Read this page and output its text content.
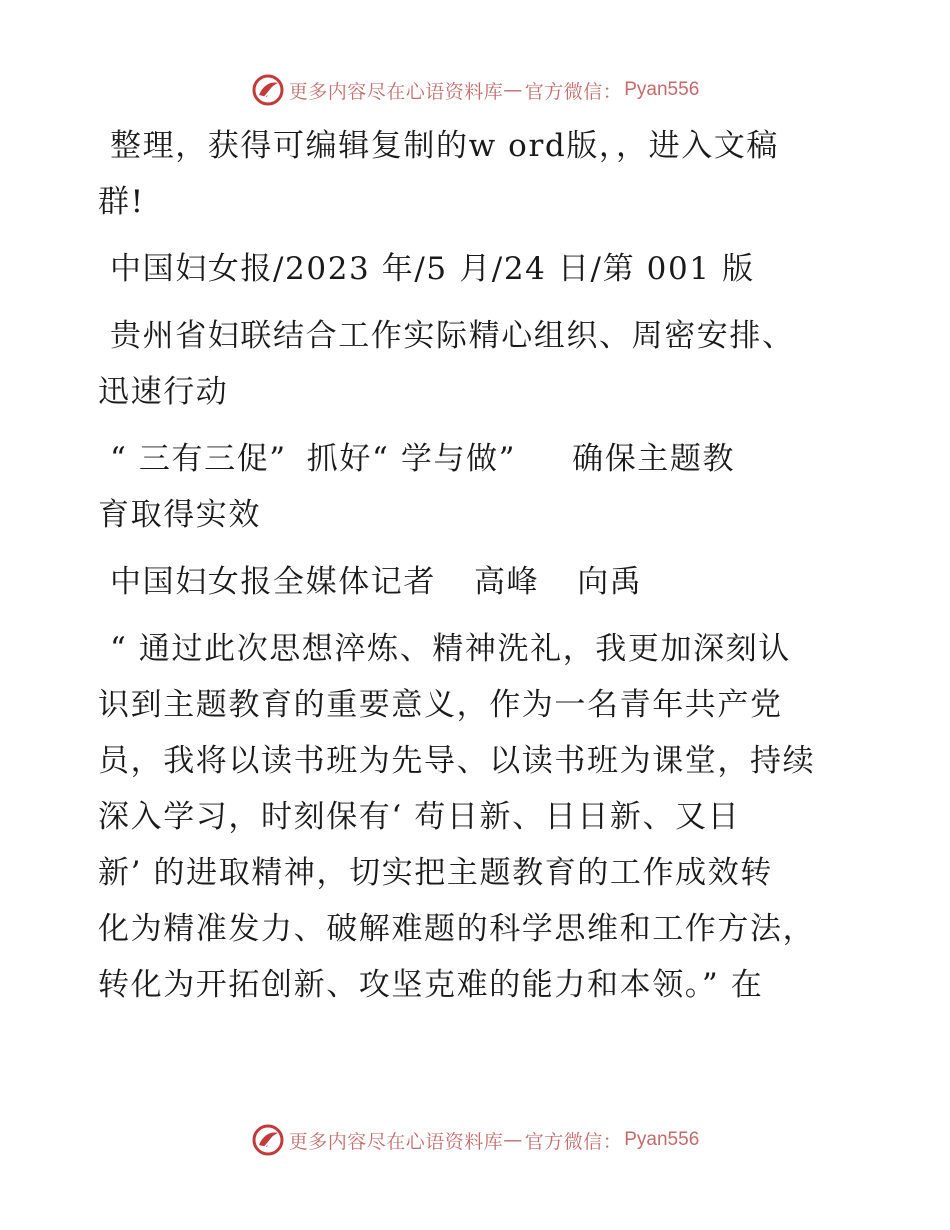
更多内容尽在心语资料库 — 官方微信： Pyan556

整理，获得可编辑复制的w ord版，，进入文稿
群!

中国妇女报/2023 年/5 月/24 日/第 001 版

贵州省妇联结合工作实际精心组织、周密安排、
迅速行动

“ 三有三促” 抓好“ 学与做” 确保主题教
育取得实效

中国妇女报全媒体记者 高峰 向禹

“ 通过此次思想淬炼、精神洗礼，我更加深刻认
识到主题教育的重要意义，作为一名青年共产党
员，我将以读书班为先导、以读书班为课堂，持续
深入学习，时刻保有‘ 苟日新、日日新、又日
新’ 的进取精神，切实把主题教育的工作成效转
化为精准发力、破解难题的科学思维和工作方法，
转化为开拓创新、攻坚克难的能力和本领。” 在

更多内容尽在心语资料库 — 官方微信： Pyan556
